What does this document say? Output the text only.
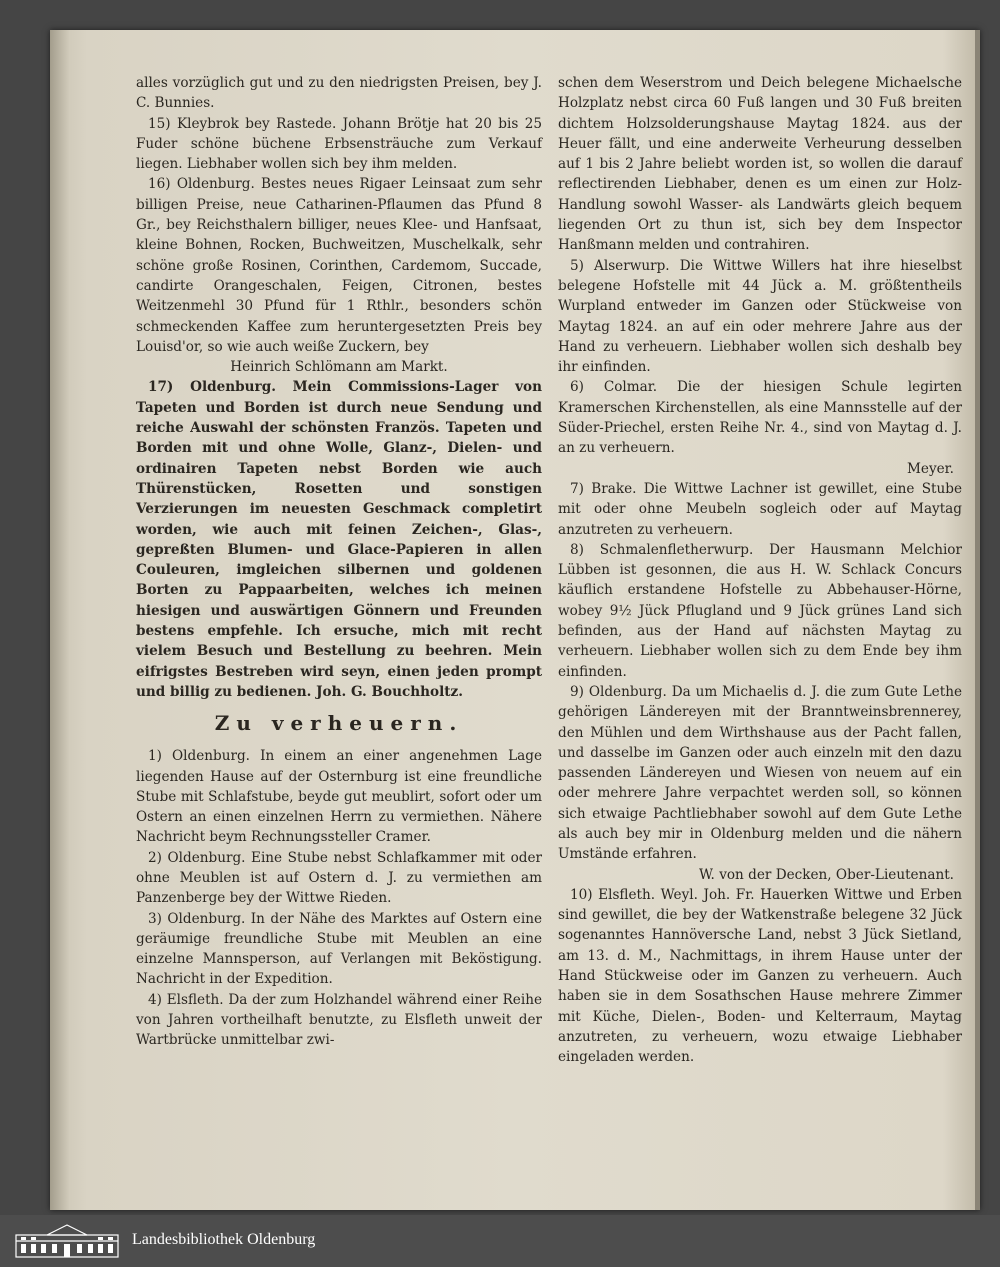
alles vorzüglich gut und zu den niedrigsten Preisen, bey J. C. Bunnies.

15) Kleybrok bey Rastede. Johann Brötje hat 20 bis 25 Fuder schöne büchene Erbsensträuche zum Verkauf liegen. Liebhaber wollen sich bey ihm melden.

16) Oldenburg. Bestes neues Rigaer Leinsaat zum sehr billigen Preise, neue Catharinen-Pflaumen das Pfund 8 Gr., bey Reichsthalern billiger, neues Klee- und Hanfsaat, kleine Bohnen, Rocken, Buchweitzen, Muschelkalk, sehr schöne große Rosinen, Corinthen, Cardemom, Succade, candirte Orangeschalen, Feigen, Citronen, bestes Weitzenmehl 30 Pfund für 1 Rthlr., besonders schön schmeckenden Kaffee zum heruntergesetzten Preis bey Louisd'or, so wie auch weiße Zuckern, bey

Heinrich Schlömann am Markt.

17) Oldenburg. Mein Commissions-Lager von Tapeten und Borden ist durch neue Sendung und reiche Auswahl der schönsten Französ. Tapeten und Borden mit und ohne Wolle, Glanz-, Dielen- und ordinairen Tapeten nebst Borden wie auch Thürenstücken, Rosetten und sonstigen Verzierungen im neuesten Geschmack completirt worden, wie auch mit feinen Zeichen-, Glas-, gepreßten Blumen- und Glace-Papieren in allen Couleuren, imgleichen silbernen und goldenen Borten zu Pappaarbeiten, welches ich meinen hiesigen und auswärtigen Gönnern und Freunden bestens empfehle. Ich ersuche, mich mit recht vielem Besuch und Bestellung zu beehren. Mein eifrigstes Bestreben wird seyn, einen jeden prompt und billig zu bedienen. Joh. G. Bouchholtz.

Zu verheuern.

1) Oldenburg. In einem an einer angenehmen Lage liegenden Hause auf der Osternburg ist eine freundliche Stube mit Schlafstube, beyde gut meublirt, sofort oder um Ostern an einen einzelnen Herrn zu vermiethen. Nähere Nachricht beym Rechnungssteller Cramer.

2) Oldenburg. Eine Stube nebst Schlafkammer mit oder ohne Meublen ist auf Ostern d. J. zu vermiethen am Panzenberge bey der Wittwe Rieden.

3) Oldenburg. In der Nähe des Marktes auf Ostern eine geräumige freundliche Stube mit Meublen an eine einzelne Mannsperson, auf Verlangen mit Beköstigung. Nachricht in der Expedition.

4) Elsfleth. Da der zum Holzhandel während einer Reihe von Jahren vortheilhaft benutzte, zu Elsfleth unweit der Wartbrücke unmittelbar zwi-

schen dem Weserstrom und Deich belegene Michaelsche Holzplatz nebst circa 60 Fuß langen und 30 Fuß breiten dichtem Holzsolderungshause Maytag 1824. aus der Heuer fällt, und eine anderweite Verheurung desselben auf 1 bis 2 Jahre beliebt worden ist, so wollen die darauf reflectirenden Liebhaber, denen es um einen zur Holz-Handlung sowohl Wasser- als Landwärts gleich bequem liegenden Ort zu thun ist, sich bey dem Inspector Hanßmann melden und contrahiren.

5) Alserwurp. Die Wittwe Willers hat ihre hieselbst belegene Hofstelle mit 44 Jück a. M. größtentheils Wurpland entweder im Ganzen oder Stückweise von Maytag 1824. an auf ein oder mehrere Jahre aus der Hand zu verheuern. Liebhaber wollen sich deshalb bey ihr einfinden.

6) Colmar. Die der hiesigen Schule legirten Kramerschen Kirchenstellen, als eine Mannsstelle auf der Süder-Priechel, ersten Reihe Nr. 4., sind von Maytag d. J. an zu verheuern.

Meyer.

7) Brake. Die Wittwe Lachner ist gewillet, eine Stube mit oder ohne Meubeln sogleich oder auf Maytag anzutreten zu verheuern.

8) Schmalenfletherwurp. Der Hausmann Melchior Lübben ist gesonnen, die aus H. W. Schlack Concurs käuflich erstandene Hofstelle zu Abbehauser-Hörne, wobey 9½ Jück Pflugland und 9 Jück grünes Land sich befinden, aus der Hand auf nächsten Maytag zu verheuern. Liebhaber wollen sich zu dem Ende bey ihm einfinden.

9) Oldenburg. Da um Michaelis d. J. die zum Gute Lethe gehörigen Ländereyen mit der Branntweinsbrennerey, den Mühlen und dem Wirthshause aus der Pacht fallen, und dasselbe im Ganzen oder auch einzeln mit den dazu passenden Ländereyen und Wiesen von neuem auf ein oder mehrere Jahre verpachtet werden soll, so können sich etwaige Pachtliebhaber sowohl auf dem Gute Lethe als auch bey mir in Oldenburg melden und die nähern Umstände erfahren.

W. von der Decken, Ober-Lieutenant.

10) Elsfleth. Weyl. Joh. Fr. Hauerken Wittwe und Erben sind gewillet, die bey der Watkenstraße belegene 32 Jück sogenanntes Hannöversche Land, nebst 3 Jück Sietland, am 13. d. M., Nachmittags, in ihrem Hause unter der Hand Stückweise oder im Ganzen zu verheuern. Auch haben sie in dem Sosathschen Hause mehrere Zimmer mit Küche, Dielen-, Boden- und Kelterraum, Maytag anzutreten, zu verheuern, wozu etwaige Liebhaber eingeladen werden.

Landesbibliothek Oldenburg
